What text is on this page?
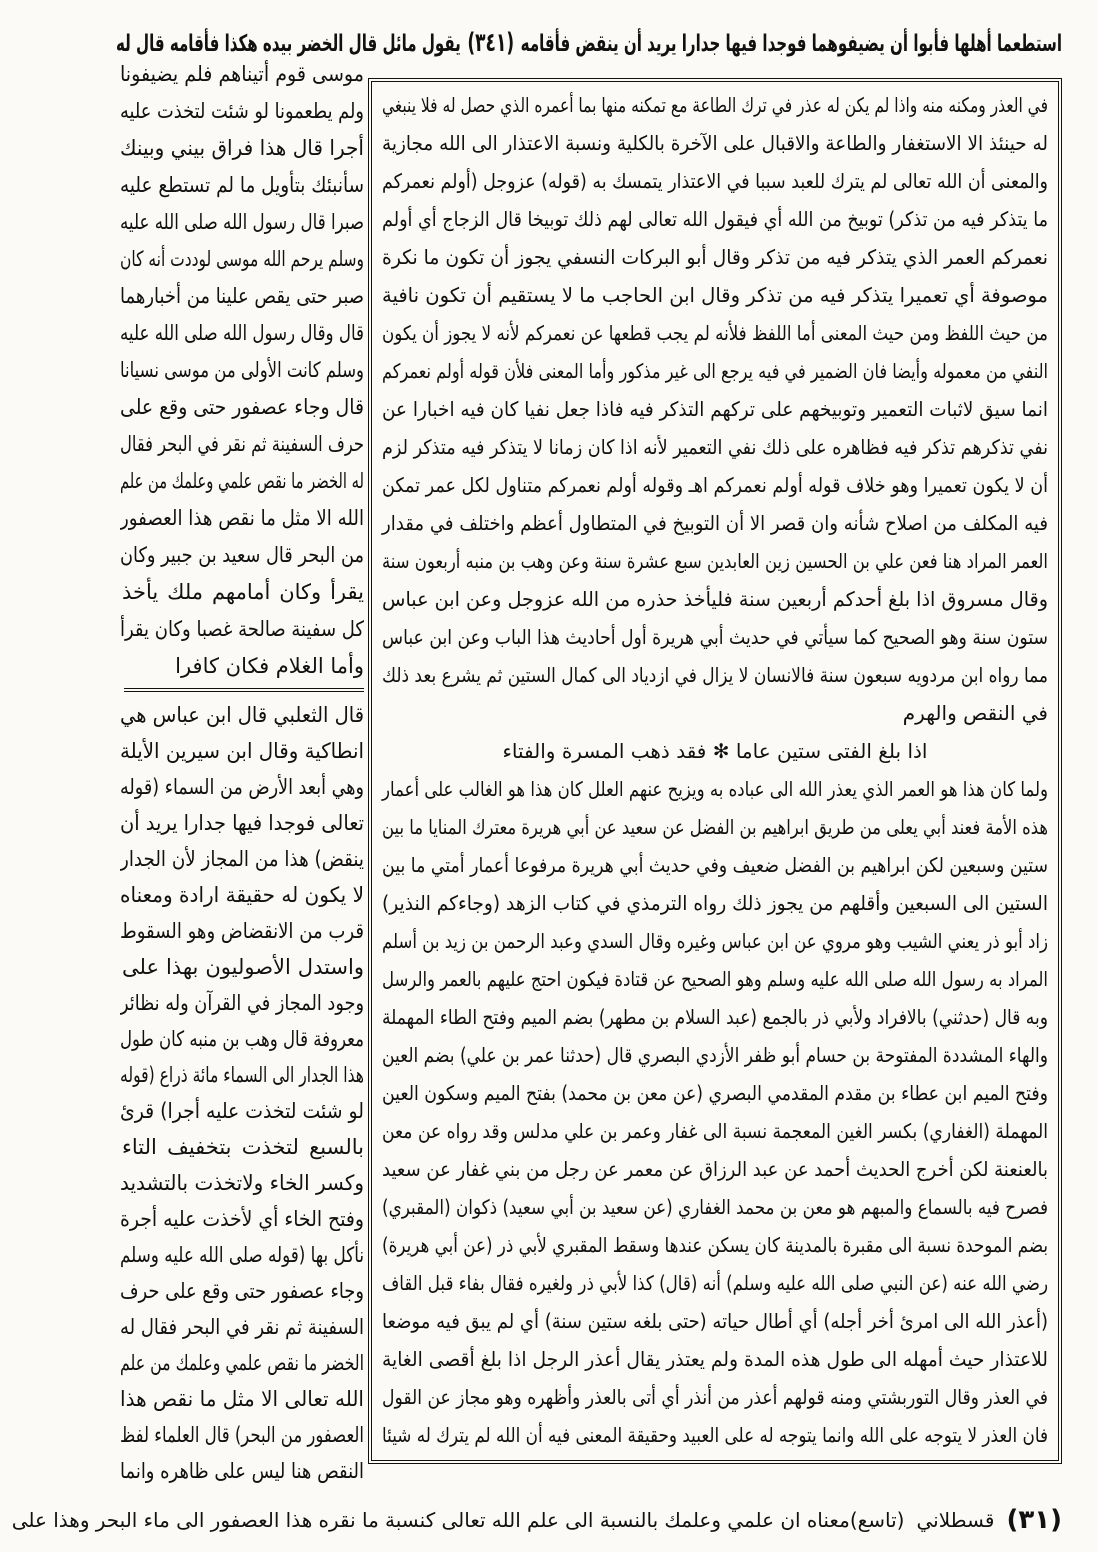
استطعما أهلها فأبوا أن يضيفوهما فوجدا فيها جدارا يريد أن ينقض فأقامه(٣٤١)يقول مائل قال الخضر بيده هكذا فأقامه قال له
في العذر ومكنه منه واذا لم يكن له عذر في ترك الطاعة مع تمكنه منها بما أعمره الذي حصل له فلا ينبغي
له حينئذ الا الاستغفار والطاعة والاقبال على الآخرة بالكلية ونسبة الاعتذار الى الله مجازية
والمعنى أن الله تعالى لم يترك للعبد سببا في الاعتذار يتمسك به (قوله) عزوجل (أولم نعمركم
ما يتذكر فيه من تذكر) توبيخ من الله أي فيقول الله تعالى لهم ذلك توبيخا قال الزجاج أي أولم
نعمركم العمر الذي يتذكر فيه من تذكر وقال أبو البركات النسفي يجوز أن تكون ما نكرة
موصوفة أي تعميرا يتذكر فيه من تذكر وقال ابن الحاجب ما لا يستقيم أن تكون نافية
من حيث اللفظ ومن حيث المعنى أما اللفظ فلأنه لم يجب قطعها عن نعمركم لأنه لا يجوز أن يكون
النفي من معموله وأيضا فان الضمير في فيه يرجع الى غير مذكور وأما المعنى فلأن قوله أولم نعمركم
انما سيق لاثبات التعمير وتوبيخهم على تركهم التذكر فيه فاذا جعل نفيا كان فيه اخبارا عن
نفي تذكرهم تذكر فيه فظاهره على ذلك نفي التعمير لأنه اذا كان زمانا لا يتذكر فيه متذكر لزم
أن لا يكون تعميرا وهو خلاف قوله أولم نعمركم اهـ وقوله أولم نعمركم متناول لكل عمر تمكن
فيه المكلف من اصلاح شأنه وان قصر الا أن التوبيخ في المتطاول أعظم واختلف في مقدار
العمر المراد هنا فعن علي بن الحسين زين العابدين سبع عشرة سنة وعن وهب بن منبه أربعون سنة
وقال مسروق اذا بلغ أحدكم أربعين سنة فليأخذ حذره من الله عزوجل وعن ابن عباس
ستون سنة وهو الصحيح كما سيأتي في حديث أبي هريرة أول أحاديث هذا الباب وعن ابن عباس
مما رواه ابن مردويه سبعون سنة فالانسان لا يزال في ازدياد الى كمال الستين ثم يشرع بعد ذلك
في النقص والهرم
اذا بلغ الفتى ستين عاما ✻ فقد ذهب المسرة والفتاء
ولما كان هذا هو العمر الذي يعذر الله الى عباده به ويزيح عنهم العلل كان هذا هو الغالب على أعمار
هذه الأمة فعند أبي يعلى من طريق ابراهيم بن الفضل عن سعيد عن أبي هريرة معترك المنايا ما بين
ستين وسبعين لكن ابراهيم بن الفضل ضعيف وفي حديث أبي هريرة مرفوعا أعمار أمتي ما بين
الستين الى السبعين وأقلهم من يجوز ذلك رواه الترمذي في كتاب الزهد (وجاءكم النذير)
زاد أبو ذر يعني الشيب وهو مروي عن ابن عباس وغيره وقال السدي وعبد الرحمن بن زيد بن أسلم
المراد به رسول الله صلى الله عليه وسلم وهو الصحيح عن قتادة فيكون احتج عليهم بالعمر والرسل
وبه قال (حدثني) بالافراد ولأبي ذر بالجمع (عبد السلام بن مطهر) بضم الميم وفتح الطاء المهملة
والهاء المشددة المفتوحة بن حسام أبو ظفر الأزدي البصري قال (حدثنا عمر بن علي) بضم العين
وفتح الميم ابن عطاء بن مقدم المقدمي البصري (عن معن بن محمد) بفتح الميم وسكون العين
المهملة (الغفاري) بكسر الغين المعجمة نسبة الى غفار وعمر بن علي مدلس وقد رواه عن معن
بالعنعنة لكن أخرج الحديث أحمد عن عبد الرزاق عن معمر عن رجل من بني غفار عن سعيد
فصرح فيه بالسماع والمبهم هو معن بن محمد الغفاري (عن سعيد بن أبي سعيد) ذكوان (المقبري)
بضم الموحدة نسبة الى مقبرة بالمدينة كان يسكن عندها وسقط المقبري لأبي ذر (عن أبي هريرة)
رضي الله عنه (عن النبي صلى الله عليه وسلم) أنه (قال) كذا لأبي ذر ولغيره فقال بفاء قبل القاف
(أعذر الله الى امرئ أخر أجله) أي أطال حياته (حتى بلغه ستين سنة) أي لم يبق فيه موضعا
للاعتذار حيث أمهله الى طول هذه المدة ولم يعتذر يقال أعذر الرجل اذا بلغ أقصى الغاية
في العذر وقال التوربشتي ومنه قولهم أعذر من أنذر أي أتى بالعذر وأظهره وهو مجاز عن القول
فان العذر لا يتوجه على الله وانما يتوجه له على العبيد وحقيقة المعنى فيه أن الله لم يترك له شيئا
موسى قوم أتيناهم فلم يضيفونا
ولم يطعمونا لو شئت لتخذت عليه
أجرا قال هذا فراق بيني وبينك
سأنبئك بتأويل ما لم تستطع عليه
صبرا قال رسول الله صلى الله عليه
وسلم يرحم الله موسى لوددت أنه كان
صبر حتى يقص علينا من أخبارهما
قال وقال رسول الله صلى الله عليه
وسلم كانت الأولى من موسى نسيانا
قال وجاء عصفور حتى وقع على
حرف السفينة ثم نقر في البحر فقال
له الخضر ما نقص علمي وعلمك من علم
الله الا مثل ما نقص هذا العصفور
من البحر قال سعيد بن جبير وكان
يقرأ وكان أمامهم ملك يأخذ
كل سفينة صالحة غصبا وكان يقرأ
وأما الغلام فكان كافرا
قال الثعلبي قال ابن عباس هي
انطاكية وقال ابن سيرين الأيلة
وهي أبعد الأرض من السماء (قوله
تعالى فوجدا فيها جدارا يريد أن
ينقض) هذا من المجاز لأن الجدار
لا يكون له حقيقة ارادة ومعناه
قرب من الانقضاض وهو السقوط
واستدل الأصوليون بهذا على
وجود المجاز في القرآن وله نظائر
معروفة قال وهب بن منبه كان طول
هذا الجدار الى السماء مائة ذراع (قوله
لو شئت لتخذت عليه أجرا) قرئ
بالسبع لتخذت بتخفيف التاء
وكسر الخاء ولاتخذت بالتشديد
وفتح الخاء أي لأخذت عليه أجرة
نأكل بها (قوله صلى الله عليه وسلم
وجاء عصفور حتى وقع على حرف
السفينة ثم نقر في البحر فقال له
الخضر ما نقص علمي وعلمك من علم
الله تعالى الا مثل ما نقص هذا
العصفور من البحر) قال العلماء لفظ
النقص هنا ليس على ظاهره وانما
(٣١)
قسطلاني
(تاسع)
معناه ان علمي وعلمك بالنسبة الى علم الله تعالى كنسبة ما نقره هذا العصفور الى ماء البحر وهذا على
